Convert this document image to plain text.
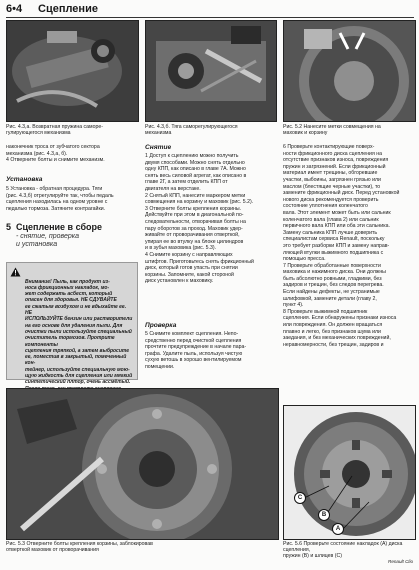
6•4 Сцепление
Рис. 4.3,а. Возвратная пружина саморе-
гулирующегося механизма
Рис. 4.3,б. Тяга саморегулирующегося
механизма
Рис. 5.2 Нанесите метки совмещения на
маховик и корзину
наконечник троса от зубчатого сектора
механизма (рис. 4.3,а, б).
4 Отверните болты и снимите механизм.
Установка
5 Установка - обратная процедура. Тяги
(рис. 4.3,б) отрегулируйте так, чтобы педаль
сцепления находилась на одном уровне с
педалью тормоза. Затяните контрагайки.
5 Сцепление в сборе
- снятие, проверка
и установка

Внимание! Пыль, как продукт из-
носа фрикционных накладок, мо-
жет содержать асбест, который
опасен для здоровья. НЕ СДУВАЙТЕ
ее сжатым воздухом и не вдыхайте ее. НЕ
ИСПОЛЬЗУЙТЕ бензин или растворители
на его основе для удаления пыли. Для
очистки пыли используйте специальный
очиститель тормозов. Протрите компоненты
сцепления тряпкой, а затем выбросите
ее, поместив в закрытый, помеченный кон-
тейнер, используйте специальную мою-
щую жидкость для сцепления или мягкий
синтетический плтор, очень ассмётый.

Снятие
1 Доступ к сцеплению можно получить
двумя способами. Можно снять отдельно
одну КПП, как описано в главе 7А. Можно
снять весь силовой агрегат, как описано в
главе 2Г, а затем отделить КПП от
двигателя на верстаке.
2 Снятый КПП, нанесите маркером метки
совмещения на корзину и маховик (рис. 5.2).
3 Отверните болты крепления корзины.
Действуйте при этом в диагональной по-
следовательности, отворачивая болты на
пару оборотов за проход. Маховик удер-
живайте от проворачивания отверткой,
упирая ее во втулку на блоке цилиндров
и в зубья маховика (рис. 5.3).
4 Снимите корзину с направляющих
штифтов. Приготовьтесь снять фрикционный
диск, который готов упасть при снятии
корзины. Запомните, какой стороной
диск установлен к маховику.
Проверка
5 Снимите комплект сцепления. Непо-
средственно перед очисткой сцепления
прочтите предупреждение в начале пара-
графа. Удалите пыль, используя чистую
сухую ветошь в хорошо вентилируемом
помещении.
6 Проверьте контактирующие поверх-
ности фрикционного диска сцепления на
отсутствие признаков износа, повреждения
пружин и загрязнений. Если фрикционный
материал имеет трещины, обгоревшие
участки, выбоины, загрязнен грязью или
маслом (блестящие черные участки), то
замените фрикционный диск. Перед установкой
нового диска рекомендуется проверить
состояние уплотнения коленчатого
вала. Этот элемент может быть или сальник
коленчатого вала (глава 2) или сальник
первичного вала КПП или оба эти сальника.
Замену сальника КПП лучше доверить
специалистам сервиса Renault, поскольку
это требует разборки КПП и замену направ-
ляющей втулки выжимного подшипника с
помощью пресса.
7 Проверьте обработанные поверхности
маховика и нажимного диска. Они должны
быть абсолютно ровными, гладкими, без
задиров и трещин, без следов перегрева.
Если найдены дефекты, не устранимые
шлифовкой, замените детали (главу 2,
пункт 4).
8 Проверьте выжимной подшипник
сцепления. Если обнаружены признаки износа
или повреждения. Он должен вращаться
плавно и легко, без признаков шума или
заедания, и без механических повреждений,
неравномерности, без трещин, задиров и
Рис. 5.3 Отверните болты крепления корзины, заблокировав
отверткой маховик от проворачивания
A
B
C
Рис. 5.6 Проверьте состояние накладок (A) диска сцепления,
пружин (B) и шлицев (C)
Renault Clio
